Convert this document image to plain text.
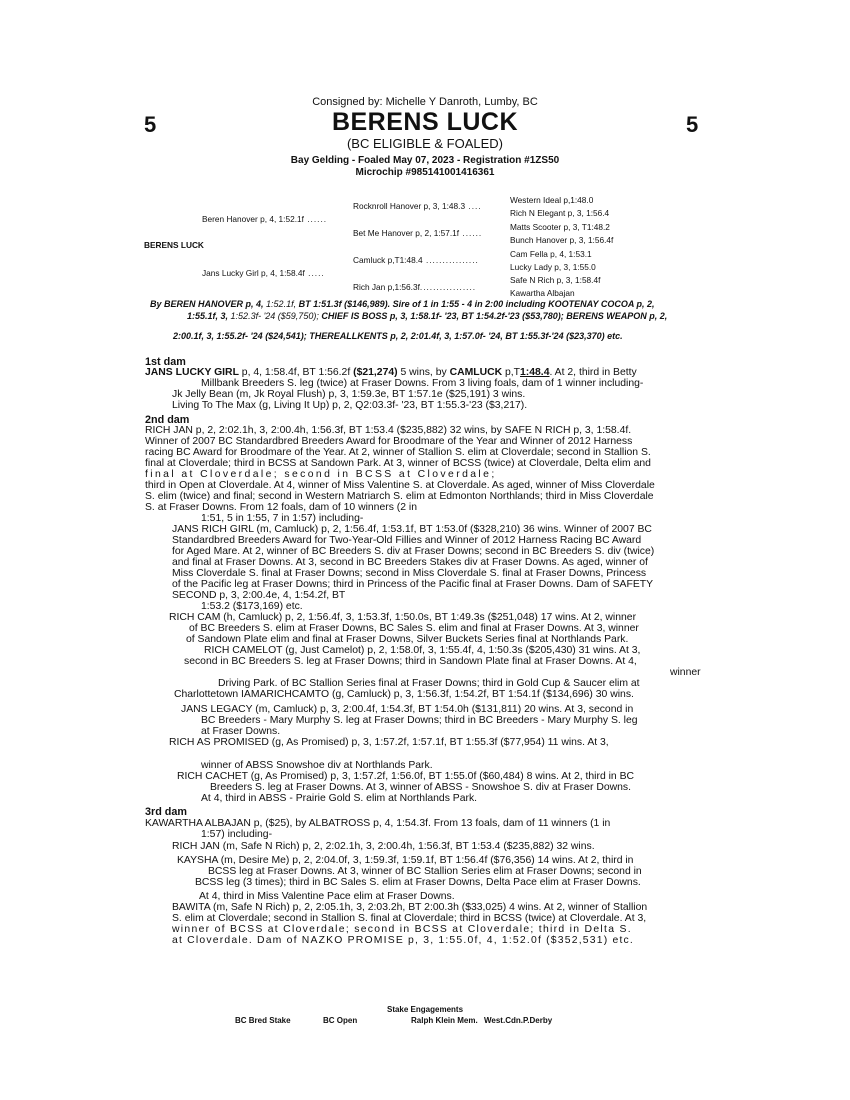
Consigned by: Michelle Y Danroth, Lumby, BC
5	5
BERENS LUCK
(BC ELIGIBLE & FOALED)
Bay Gelding - Foaled May 07, 2023 - Registration #1ZS50
Microchip #985141001416361
BERENS LUCK
Beren Hanover p, 4, 1:52.1f ......
Jans Lucky Girl p, 4, 1:58.4f .....
Rocknroll Hanover p, 3, 1:48.3 ....
Bet Me Hanover p, 2, 1:57.1f ......
Camluck p,T1:48.4 ................
Rich Jan p,1:56.3f.................
Western Ideal p,1:48.0
Rich N Elegant p, 3, 1:56.4
Matts Scooter p, 3, T1:48.2
Bunch Hanover p, 3, 1:56.4f
Cam Fella p, 4, 1:53.1
Lucky Lady p, 3, 1:55.0
Safe N Rich p, 3, 1:58.4f
Kawartha Albajan
By BEREN HANOVER p, 4, 1:52.1f, BT 1:51.3f ($146,989). Sire of 1 in 1:55 - 4 in 2:00 including KOOTENAY COCOA p, 2,
1:55.1f, 3, 1:52.3f- '24 ($59,750); CHIEF IS BOSS p, 3, 1:58.1f- '23, BT 1:54.2f-'23 ($53,780); BERENS WEAPON p, 2,
2:00.1f, 3, 1:55.2f- '24 ($24,541); THEREALLKENTS p, 2, 2:01.4f, 3, 1:57.0f- '24, BT 1:55.3f-'24 ($23,370) etc.
1st dam
JANS LUCKY GIRL p, 4, 1:58.4f, BT 1:56.2f ($21,274) 5 wins, by CAMLUCK p,T1:48.4. At 2, third in Betty
Millbank Breeders S. leg (twice) at Fraser Downs. From 3 living foals, dam of 1 winner including-
Jk Jelly Bean (m, Jk Royal Flush) p, 3, 1:59.3e, BT 1:57.1e ($25,191) 3 wins.
Living To The Max (g, Living It Up) p, 2, Q2:03.3f- '23, BT 1:55.3-'23 ($3,217).
2nd dam
RICH JAN p, 2, 2:02.1h, 3, 2:00.4h, 1:56.3f, BT 1:53.4 ($235,882) 32 wins, by SAFE N RICH p, 3, 1:58.4f.
Winner of 2007 BC Standardbred Breeders Award for Broodmare of the Year and Winner of 2012 Harness
racing BC Award for Broodmare of the Year. At 2, winner of Stallion S. elim at Cloverdale; second in Stallion S.
final at Cloverdale; third in BCSS at Sandown Park. At 3, winner of BCSS (twice) at Cloverdale, Delta elim and
final at Cloverdale; second in BCSS at Cloverdale;
third in Open at Cloverdale. At 4, winner of Miss Valentine S. at Cloverdale. As aged, winner of Miss Cloverdale
S. elim (twice) and final; second in Western Matriarch S. elim at Edmonton Northlands; third in Miss Cloverdale
S. at Fraser Downs. From 12 foals, dam of 10 winners (2 in
1:51, 5 in 1:55, 7 in 1:57) including-
JANS RICH GIRL (m, Camluck) p, 2, 1:56.4f, 1:53.1f, BT 1:53.0f ($328,210) 36 wins. Winner of 2007 BC
Standardbred Breeders Award for Two-Year-Old Fillies and Winner of 2012 Harness Racing BC Award
for Aged Mare. At 2, winner of BC Breeders S. div at Fraser Downs; second in BC Breeders S. div (twice)
and final at Fraser Downs. At 3, second in BC Breeders Stakes div at Fraser Downs. As aged, winner of
Miss Cloverdale S. final at Fraser Downs; second in Miss Cloverdale S. final at Fraser Downs, Princess
of the Pacific leg at Fraser Downs; third in Princess of the Pacific final at Fraser Downs. Dam of SAFETY
SECOND p, 3, 2:00.4e, 4, 1:54.2f, BT
1:53.2 ($173,169) etc.
RICH CAM (h, Camluck) p, 2, 1:56.4f, 3, 1:53.3f, 1:50.0s, BT 1:49.3s ($251,048) 17 wins. At 2, winner
of BC Breeders S. elim at Fraser Downs, BC Sales S. elim and final at Fraser Downs. At 3, winner
of Sandown Plate elim and final at Fraser Downs, Silver Buckets Series final at Northlands Park.
RICH CAMELOT (g, Just Camelot) p, 2, 1:58.0f, 3, 1:55.4f, 4, 1:50.3s ($205,430) 31 wins. At 3,
second in BC Breeders S. leg at Fraser Downs; third in Sandown Plate final at Fraser Downs. At 4,
winner
Driving Park. of BC Stallion Series final at Fraser Downs; third in Gold Cup & Saucer elim at
Charlottetown IAMARICHCAMTO (g, Camluck) p, 3, 1:56.3f, 1:54.2f, BT 1:54.1f ($134,696) 30 wins.
JANS LEGACY (m, Camluck) p, 3, 2:00.4f, 1:54.3f, BT 1:54.0h ($131,811) 20 wins. At 3, second in
BC Breeders - Mary Murphy S. leg at Fraser Downs; third in BC Breeders - Mary Murphy S. leg
at Fraser Downs.
RICH AS PROMISED (g, As Promised) p, 3, 1:57.2f, 1:57.1f, BT 1:55.3f ($77,954) 11 wins. At 3,
winner of ABSS Snowshoe div at Northlands Park.
RICH CACHET (g, As Promised) p, 3, 1:57.2f, 1:56.0f, BT 1:55.0f ($60,484) 8 wins. At 2, third in BC
Breeders S. leg at Fraser Downs. At 3, winner of ABSS - Snowshoe S. div at Fraser Downs.
At 4, third in ABSS - Prairie Gold S. elim at Northlands Park.
3rd dam
KAWARTHA ALBAJAN p, ($25), by ALBATROSS p, 4, 1:54.3f. From 13 foals, dam of 11 winners (1 in
1:57) including-
RICH JAN (m, Safe N Rich) p, 2, 2:02.1h, 3, 2:00.4h, 1:56.3f, BT 1:53.4 ($235,882) 32 wins.
KAYSHA (m, Desire Me) p, 2, 2:04.0f, 3, 1:59.3f, 1:59.1f, BT 1:56.4f ($76,356) 14 wins. At 2, third in
BCSS leg at Fraser Downs. At 3, winner of BC Stallion Series elim at Fraser Downs; second in
BCSS leg (3 times); third in BC Sales S. elim at Fraser Downs, Delta Pace elim at Fraser Downs.
At 4, third in Miss Valentine Pace elim at Fraser Downs.
BAWITA (m, Safe N Rich) p, 2, 2:05.1h, 3, 2:03.2h, BT 2:00.3h ($33,025) 4 wins. At 2, winner of Stallion
S. elim at Cloverdale; second in Stallion S. final at Cloverdale; third in BCSS (twice) at Cloverdale. At 3,
winner of BCSS at Cloverdale; second in BCSS at Cloverdale; third in Delta S.
at Cloverdale. Dam of NAZKO PROMISE p, 3, 1:55.0f, 4, 1:52.0f ($352,531) etc.
Stake Engagements
BC Bred Stake	BC Open	Ralph Klein Mem. West.Cdn.P.Derby
